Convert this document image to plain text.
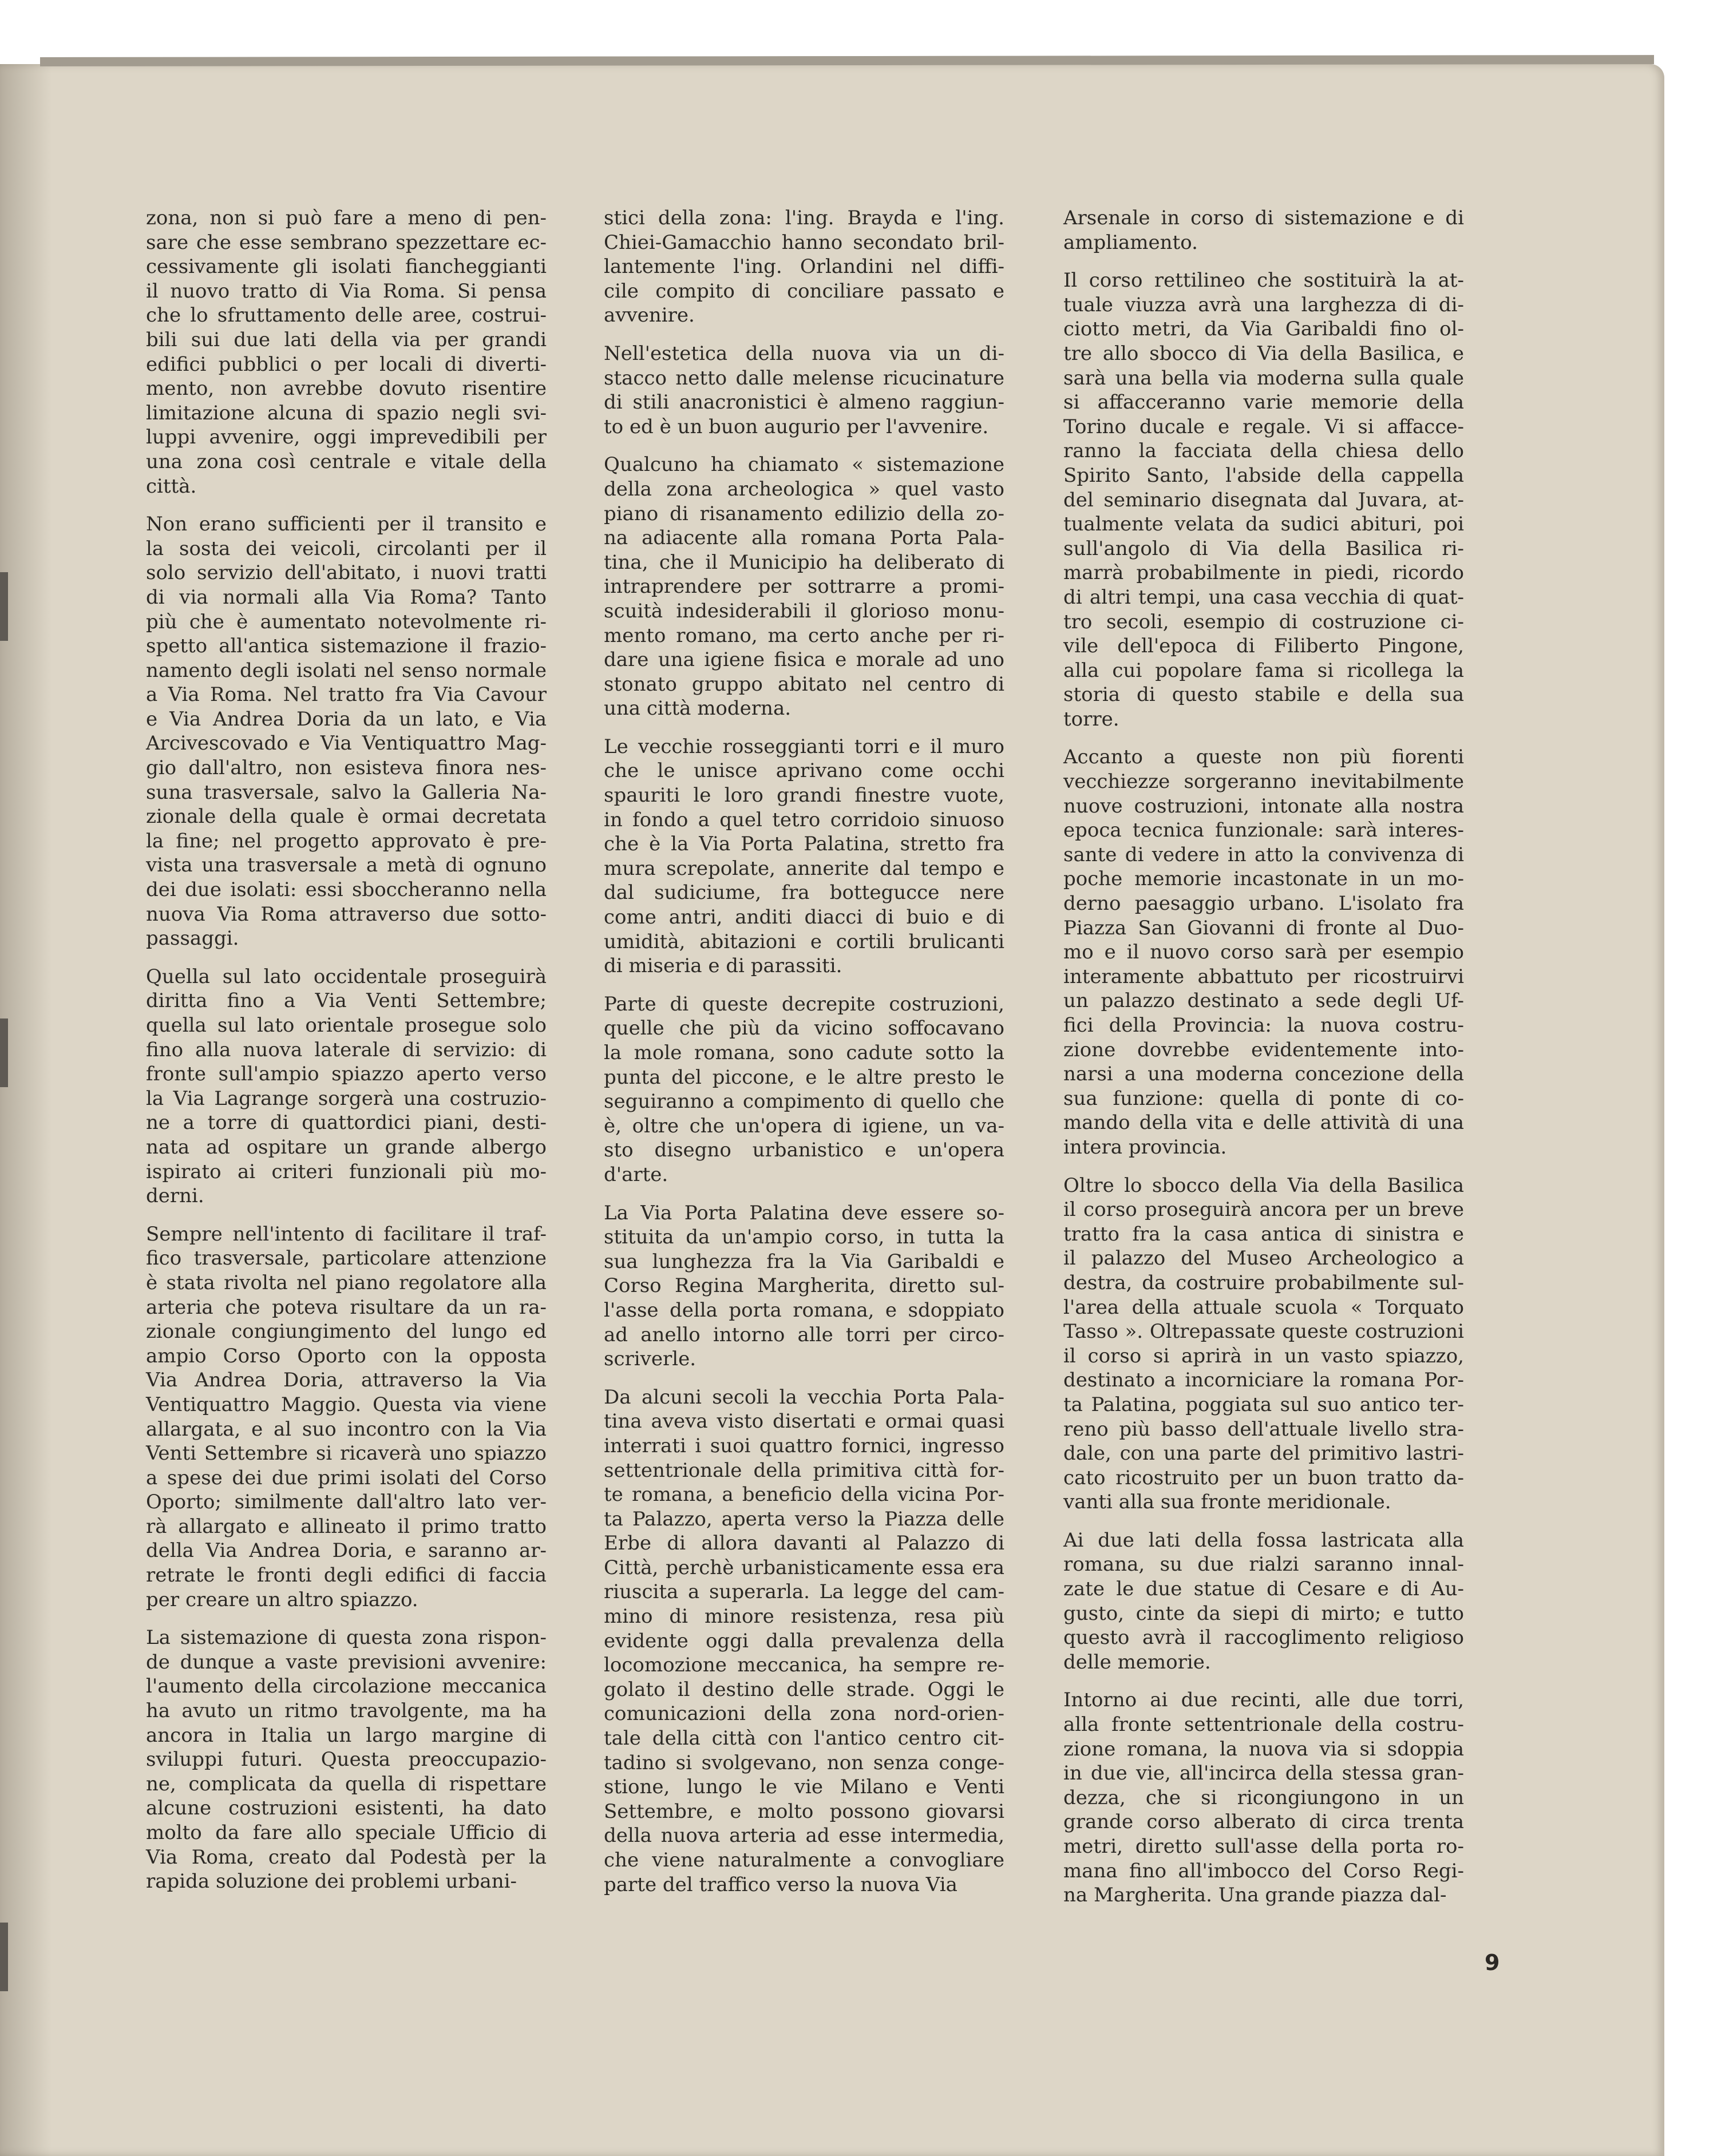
zona, non si può fare a meno di pen-
sare che esse sembrano spezzettare ec-
cessivamente gli isolati fiancheggianti
il nuovo tratto di Via Roma. Si pensa
che lo sfruttamento delle aree, costrui-
bili sui due lati della via per grandi
edifici pubblici o per locali di diverti-
mento, non avrebbe dovuto risentire
limitazione alcuna di spazio negli svi-
luppi avvenire, oggi imprevedibili per
una zona così centrale e vitale della
città.
Non erano sufficienti per il transito e
la sosta dei veicoli, circolanti per il
solo servizio dell'abitato, i nuovi tratti
di via normali alla Via Roma? Tanto
più che è aumentato notevolmente ri-
spetto all'antica sistemazione il frazio-
namento degli isolati nel senso normale
a Via Roma. Nel tratto fra Via Cavour
e Via Andrea Doria da un lato, e Via
Arcivescovado e Via Ventiquattro Mag-
gio dall'altro, non esisteva finora nes-
suna trasversale, salvo la Galleria Na-
zionale della quale è ormai decretata
la fine; nel progetto approvato è pre-
vista una trasversale a metà di ognuno
dei due isolati: essi sboccheranno nella
nuova Via Roma attraverso due sotto-
passaggi.
Quella sul lato occidentale proseguirà
diritta fino a Via Venti Settembre;
quella sul lato orientale prosegue solo
fino alla nuova laterale di servizio: di
fronte sull'ampio spiazzo aperto verso
la Via Lagrange sorgerà una costruzio-
ne a torre di quattordici piani, desti-
nata ad ospitare un grande albergo
ispirato ai criteri funzionali più mo-
derni.
Sempre nell'intento di facilitare il traf-
fico trasversale, particolare attenzione
è stata rivolta nel piano regolatore alla
arteria che poteva risultare da un ra-
zionale congiungimento del lungo ed
ampio Corso Oporto con la opposta
Via Andrea Doria, attraverso la Via
Ventiquattro Maggio. Questa via viene
allargata, e al suo incontro con la Via
Venti Settembre si ricaverà uno spiazzo
a spese dei due primi isolati del Corso
Oporto; similmente dall'altro lato ver-
rà allargato e allineato il primo tratto
della Via Andrea Doria, e saranno ar-
retrate le fronti degli edifici di faccia
per creare un altro spiazzo.
La sistemazione di questa zona rispon-
de dunque a vaste previsioni avvenire:
l'aumento della circolazione meccanica
ha avuto un ritmo travolgente, ma ha
ancora in Italia un largo margine di
sviluppi futuri. Questa preoccupazio-
ne, complicata da quella di rispettare
alcune costruzioni esistenti, ha dato
molto da fare allo speciale Ufficio di
Via Roma, creato dal Podestà per la
rapida soluzione dei problemi urbani-
stici della zona: l'ing. Brayda e l'ing.
Chiei-Gamacchio hanno secondato bril-
lantemente l'ing. Orlandini nel diffi-
cile compito di conciliare passato e
avvenire.
Nell'estetica della nuova via un di-
stacco netto dalle melense ricucinature
di stili anacronistici è almeno raggiun-
to ed è un buon augurio per l'avvenire.
Qualcuno ha chiamato « sistemazione
della zona archeologica » quel vasto
piano di risanamento edilizio della zo-
na adiacente alla romana Porta Pala-
tina, che il Municipio ha deliberato di
intraprendere per sottrarre a promi-
scuità indesiderabili il glorioso monu-
mento romano, ma certo anche per ri-
dare una igiene fisica e morale ad uno
stonato gruppo abitato nel centro di
una città moderna.
Le vecchie rosseggianti torri e il muro
che le unisce aprivano come occhi
spauriti le loro grandi finestre vuote,
in fondo a quel tetro corridoio sinuoso
che è la Via Porta Palatina, stretto fra
mura screpolate, annerite dal tempo e
dal sudiciume, fra botteguccе nere
come antri, anditi diacci di buio e di
umidità, abitazioni e cortili brulicanti
di miseria e di parassiti.
Parte di queste decrepite costruzioni,
quelle che più da vicino soffocavano
la mole romana, sono cadute sotto la
punta del piccone, e le altre presto le
seguiranno a compimento di quello che
è, oltre che un'opera di igiene, un va-
sto disegno urbanistico e un'opera
d'arte.
La Via Porta Palatina deve essere so-
stituita da un'ampio corso, in tutta la
sua lunghezza fra la Via Garibaldi e
Corso Regina Margherita, diretto sul-
l'asse della porta romana, e sdoppiato
ad anello intorno alle torri per circo-
scriverle.
Da alcuni secoli la vecchia Porta Pala-
tina aveva visto disertati e ormai quasi
interrati i suoi quattro fornici, ingresso
settentrionale della primitiva città for-
te romana, a beneficio della vicina Por-
ta Palazzo, aperta verso la Piazza delle
Erbe di allora davanti al Palazzo di
Città, perchè urbanisticamente essa era
riuscita a superarla. La legge del cam-
mino di minore resistenza, resa più
evidente oggi dalla prevalenza della
locomozione meccanica, ha sempre re-
golato il destino delle strade. Oggi le
comunicazioni della zona nord-orien-
tale della città con l'antico centro cit-
tadino si svolgevano, non senza conge-
stione, lungo le vie Milano e Venti
Settembre, e molto possono giovarsi
della nuova arteria ad esse intermedia,
che viene naturalmente a convogliare
parte del traffico verso la nuova Via
Arsenale in corso di sistemazione e di
ampliamento.
Il corso rettilineo che sostituirà la at-
tuale viuzza avrà una larghezza di di-
ciotto metri, da Via Garibaldi fino ol-
tre allo sbocco di Via della Basilica, e
sarà una bella via moderna sulla quale
si affacceranno varie memorie della
Torino ducale e regale. Vi si affacce-
ranno la facciata della chiesa dello
Spirito Santo, l'abside della cappella
del seminario disegnata dal Juvara, at-
tualmente velata da sudici abituri, poi
sull'angolo di Via della Basilica ri-
marrà probabilmente in piedi, ricordo
di altri tempi, una casa vecchia di quat-
tro secoli, esempio di costruzione ci-
vile dell'epoca di Filiberto Pingone,
alla cui popolare fama si ricollega la
storia di questo stabile e della sua
torre.
Accanto a queste non più fiorenti
vecchiezze sorgeranno inevitabilmente
nuove costruzioni, intonate alla nostra
epoca tecnica funzionale: sarà interes-
sante di vedere in atto la convivenza di
poche memorie incastonate in un mo-
derno paesaggio urbano. L'isolato fra
Piazza San Giovanni di fronte al Duo-
mo e il nuovo corso sarà per esempio
interamente abbattuto per ricostruirvi
un palazzo destinato a sede degli Uf-
fici della Provincia: la nuova costru-
zione dovrebbe evidentemente into-
narsi a una moderna concezione della
sua funzione: quella di ponte di co-
mando della vita e delle attività di una
intera provincia.
Oltre lo sbocco della Via della Basilica
il corso proseguirà ancora per un breve
tratto fra la casa antica di sinistra e
il palazzo del Museo Archeologico a
destra, da costruire probabilmente sul-
l'area della attuale scuola « Torquato
Tasso ». Oltrepassate queste costruzioni
il corso si aprirà in un vasto spiazzo,
destinato a incorniciare la romana Por-
ta Palatina, poggiata sul suo antico ter-
reno più basso dell'attuale livello stra-
dale, con una parte del primitivo lastri-
cato ricostruito per un buon tratto da-
vanti alla sua fronte meridionale.
Ai due lati della fossa lastricata alla
romana, su due rialzi saranno innal-
zate le due statue di Cesare e di Au-
gusto, cinte da siepi di mirto; e tutto
questo avrà il raccoglimento religioso
delle memorie.
Intorno ai due recinti, alle due torri,
alla fronte settentrionale della costru-
zione romana, la nuova via si sdoppia
in due vie, all'incirca della stessa gran-
dezza, che si ricongiungono in un
grande corso alberato di circa trenta
metri, diretto sull'asse della porta ro-
mana fino all'imbocco del Corso Regi-
na Margherita. Una grande piazza dal-
9
